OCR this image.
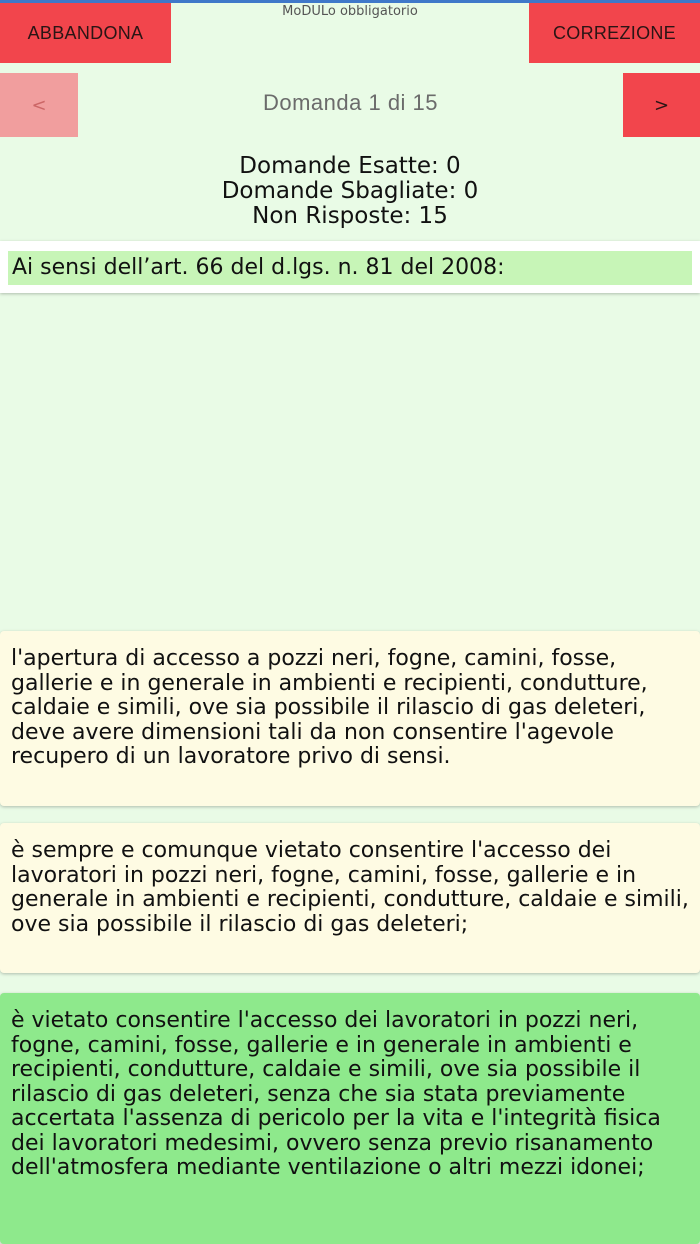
ABBANDONA
MoDULo obbligatorio
CORREZIONE
<	Domanda 1 di 15	>
Domande Esatte: 0
Domande Sbagliate: 0
Non Risposte: 15
Ai sensi dell’art. 66 del d.lgs. n. 81 del 2008:
l'apertura di accesso a pozzi neri, fogne, camini, fosse, gallerie e in generale in ambienti e recipienti, condutture, caldaie e simili, ove sia possibile il rilascio di gas deleteri, deve avere dimensioni tali da non consentire l'agevole recupero di un lavoratore privo di sensi.
è sempre e comunque vietato consentire l'accesso dei lavoratori in pozzi neri, fogne, camini, fosse, gallerie e in generale in ambienti e recipienti, condutture, caldaie e simili, ove sia possibile il rilascio di gas deleteri;
è vietato consentire l'accesso dei lavoratori in pozzi neri, fogne, camini, fosse, gallerie e in generale in ambienti e recipienti, condutture, caldaie e simili, ove sia possibile il rilascio di gas deleteri, senza che sia stata previamente accertata l'assenza di pericolo per la vita e l'integrità fisica dei lavoratori medesimi, ovvero senza previo risanamento dell'atmosfera mediante ventilazione o altri mezzi idonei;
